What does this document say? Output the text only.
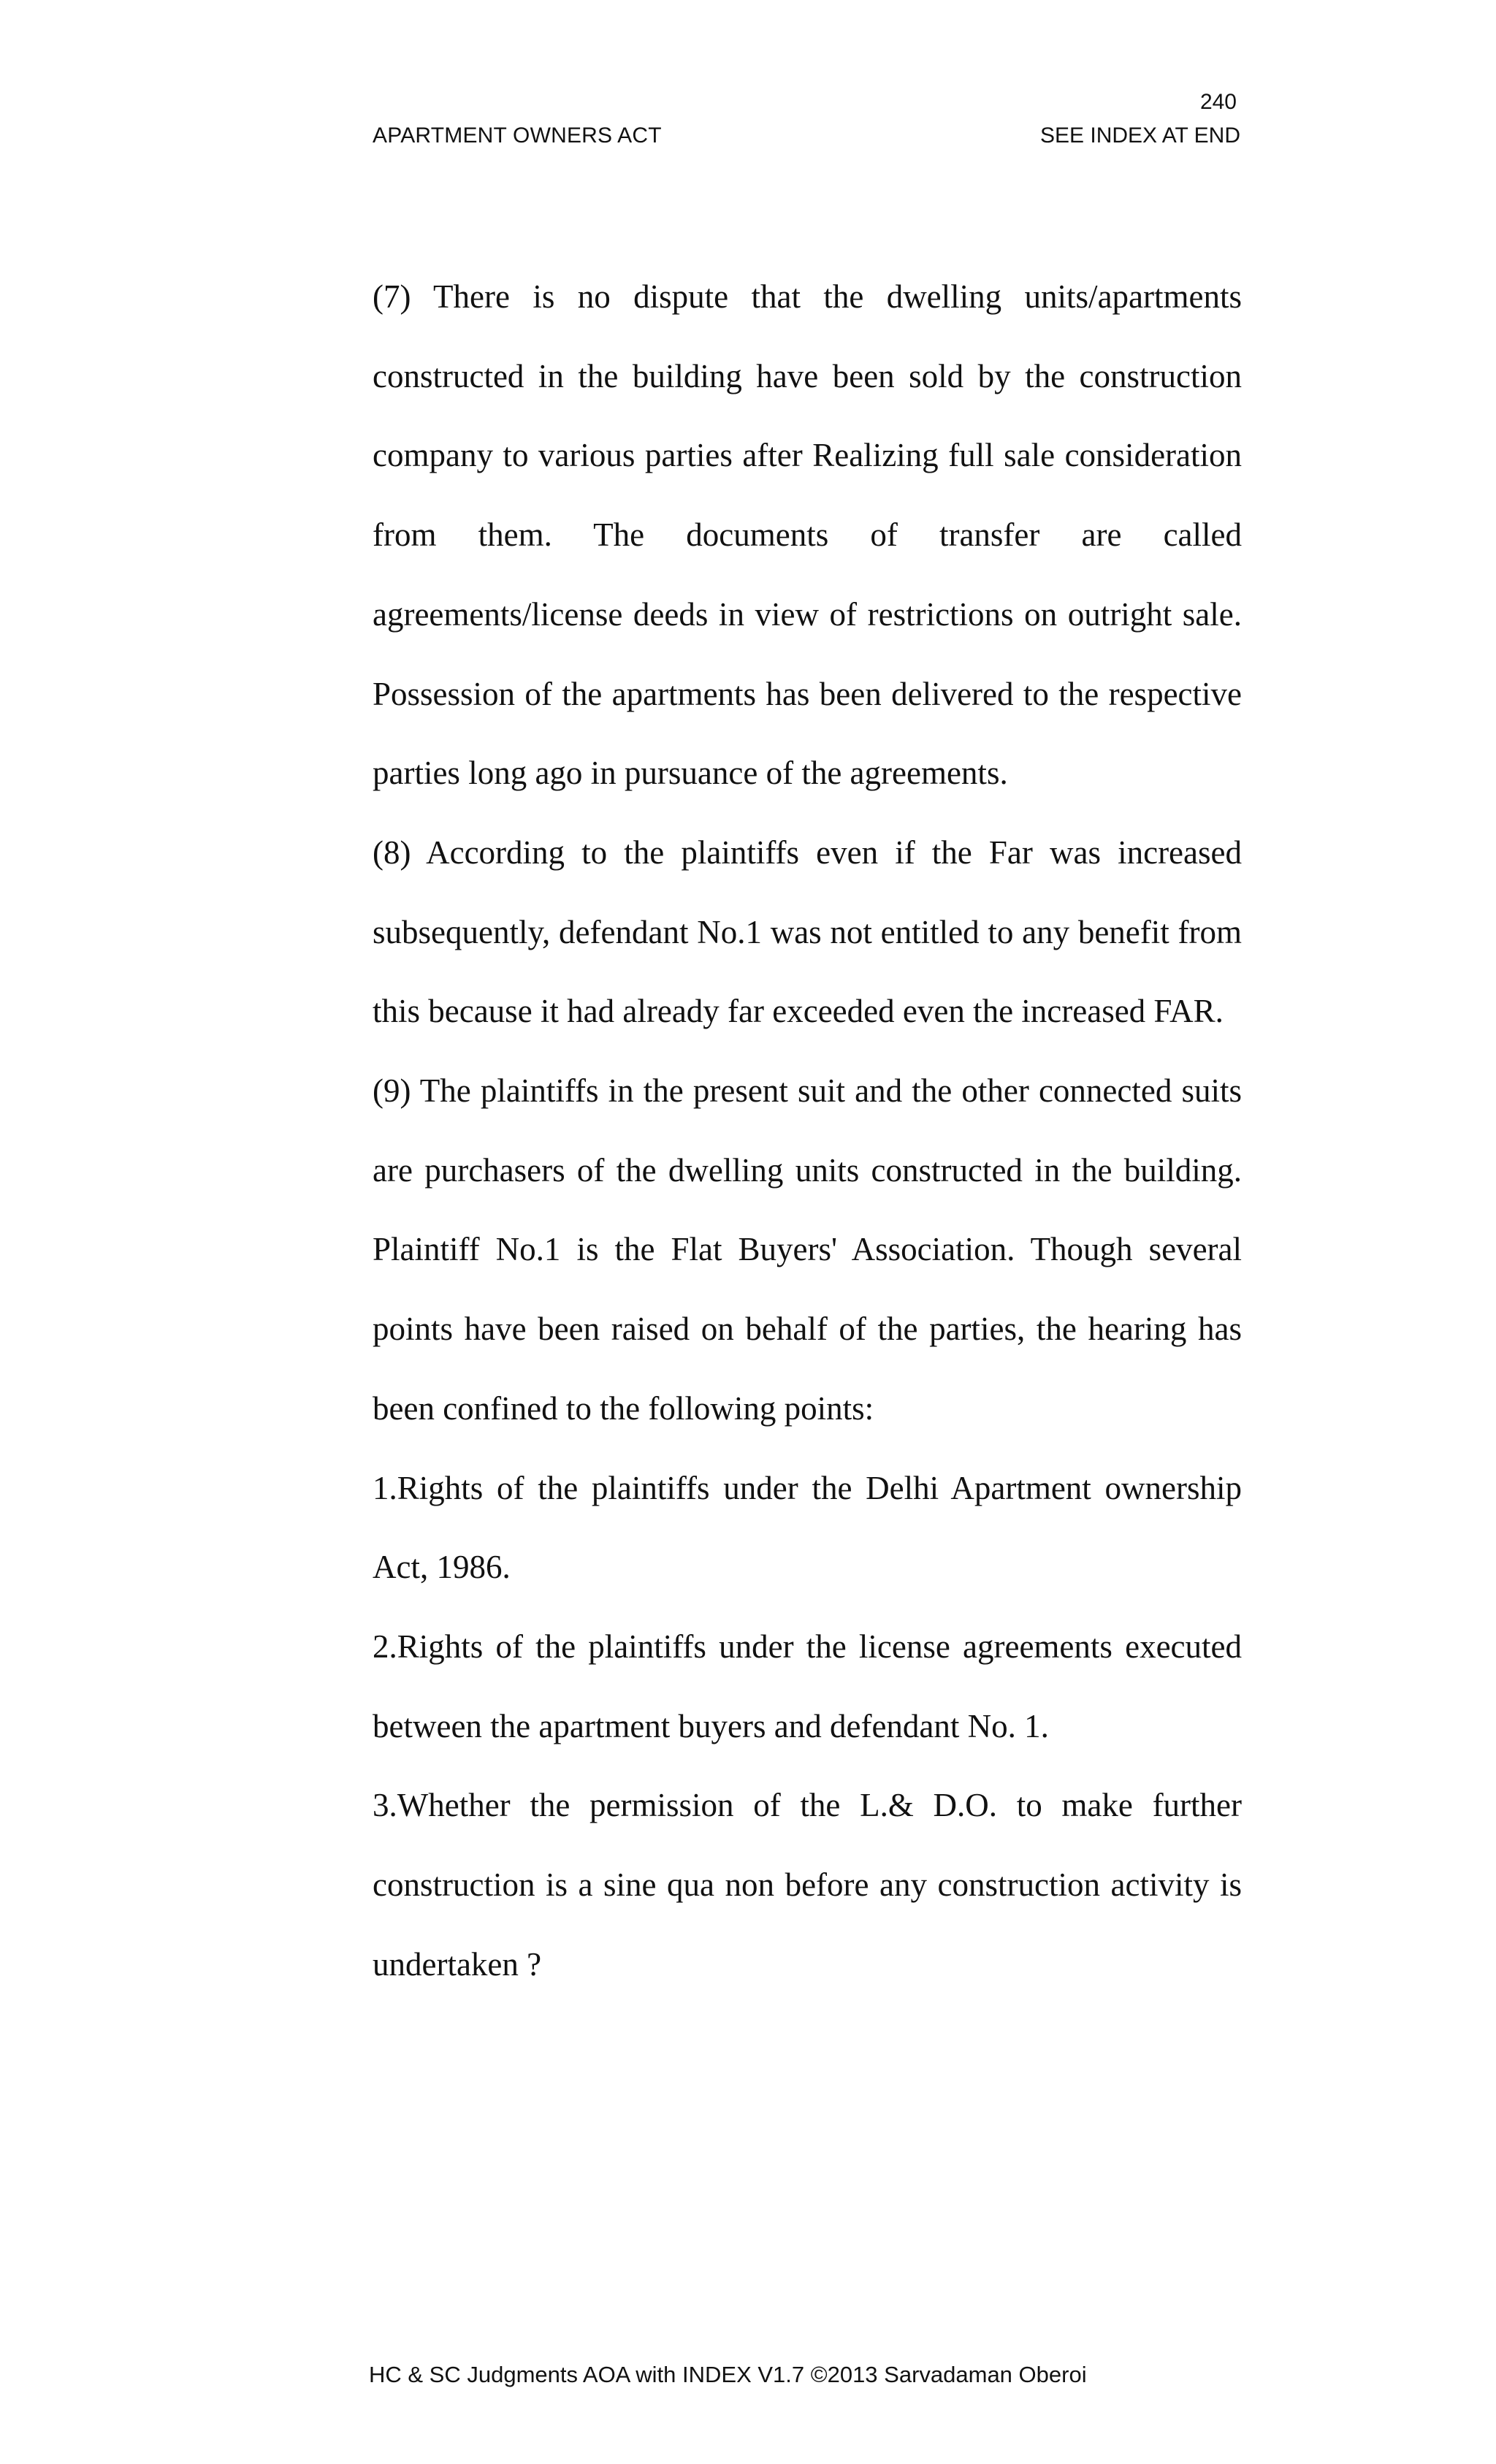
240
APARTMENT OWNERS ACT	SEE INDEX AT END

(7) There is no dispute that the dwelling units/apartments constructed in the building have been sold by the construction company to various parties after Realizing full sale consideration from them. The documents of transfer are called agreements/license deeds in view of restrictions on outright sale. Possession of the apartments has been delivered to the respective parties long ago in pursuance of the agreements.

(8) According to the plaintiffs even if the Far was increased subsequently, defendant No.1 was not entitled to any benefit from this because it had already far exceeded even the increased FAR.

(9) The plaintiffs in the present suit and the other connected suits are purchasers of the dwelling units constructed in the building. Plaintiff No.1 is the Flat Buyers' Association. Though several points have been raised on behalf of the parties, the hearing has been confined to the following points:

1.Rights of the plaintiffs under the Delhi Apartment ownership Act, 1986.

2.Rights of the plaintiffs under the license agreements executed between the apartment buyers and defendant No. 1.

3.Whether the permission of the L.& D.O. to make further construction is a sine qua non before any construction activity is undertaken ?

HC & SC Judgments AOA with INDEX V1.7 ©2013 Sarvadaman Oberoi
